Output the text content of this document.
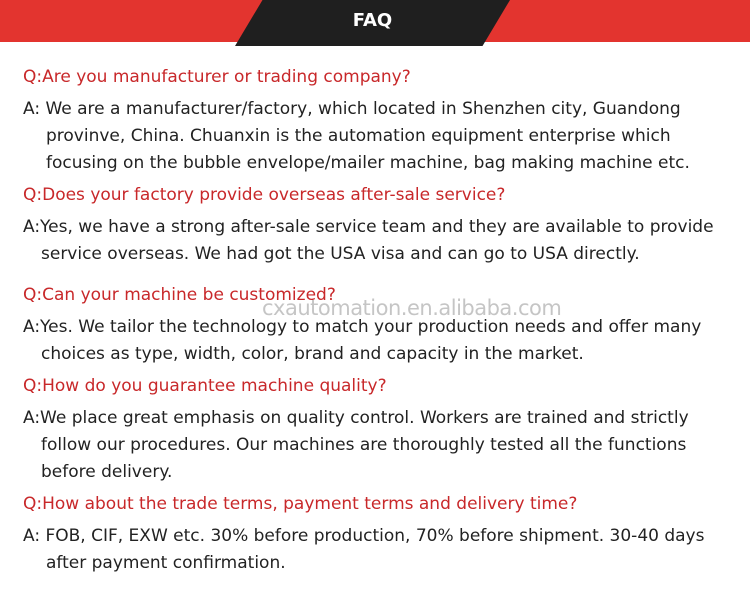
FAQ

Q:Are you manufacturer or trading company?

A: We are a manufacturer/factory, which located in Shenzhen city, Guandong
provinve, China. Chuanxin is the automation equipment enterprise which
focusing on the bubble envelope/mailer machine, bag making machine etc.

Q:Does your factory provide overseas after-sale service?

A:Yes, we have a strong after-sale service team and they are available to provide
service overseas. We had got the USA visa and can go to USA directly.

Q:Can your machine be customized?

A:Yes. We tailor the technology to match your production needs and offer many
choices as type, width, color, brand and capacity in the market.

Q:How do you guarantee machine quality?

A:We place great emphasis on quality control. Workers are trained and strictly
follow our procedures. Our machines are thoroughly tested all the functions
before delivery.

Q:How about the trade terms, payment terms and delivery time?

A: FOB, CIF, EXW etc. 30% before production, 70% before shipment. 30-40 days
after payment confirmation.

cxautomation.en.alibaba.com
